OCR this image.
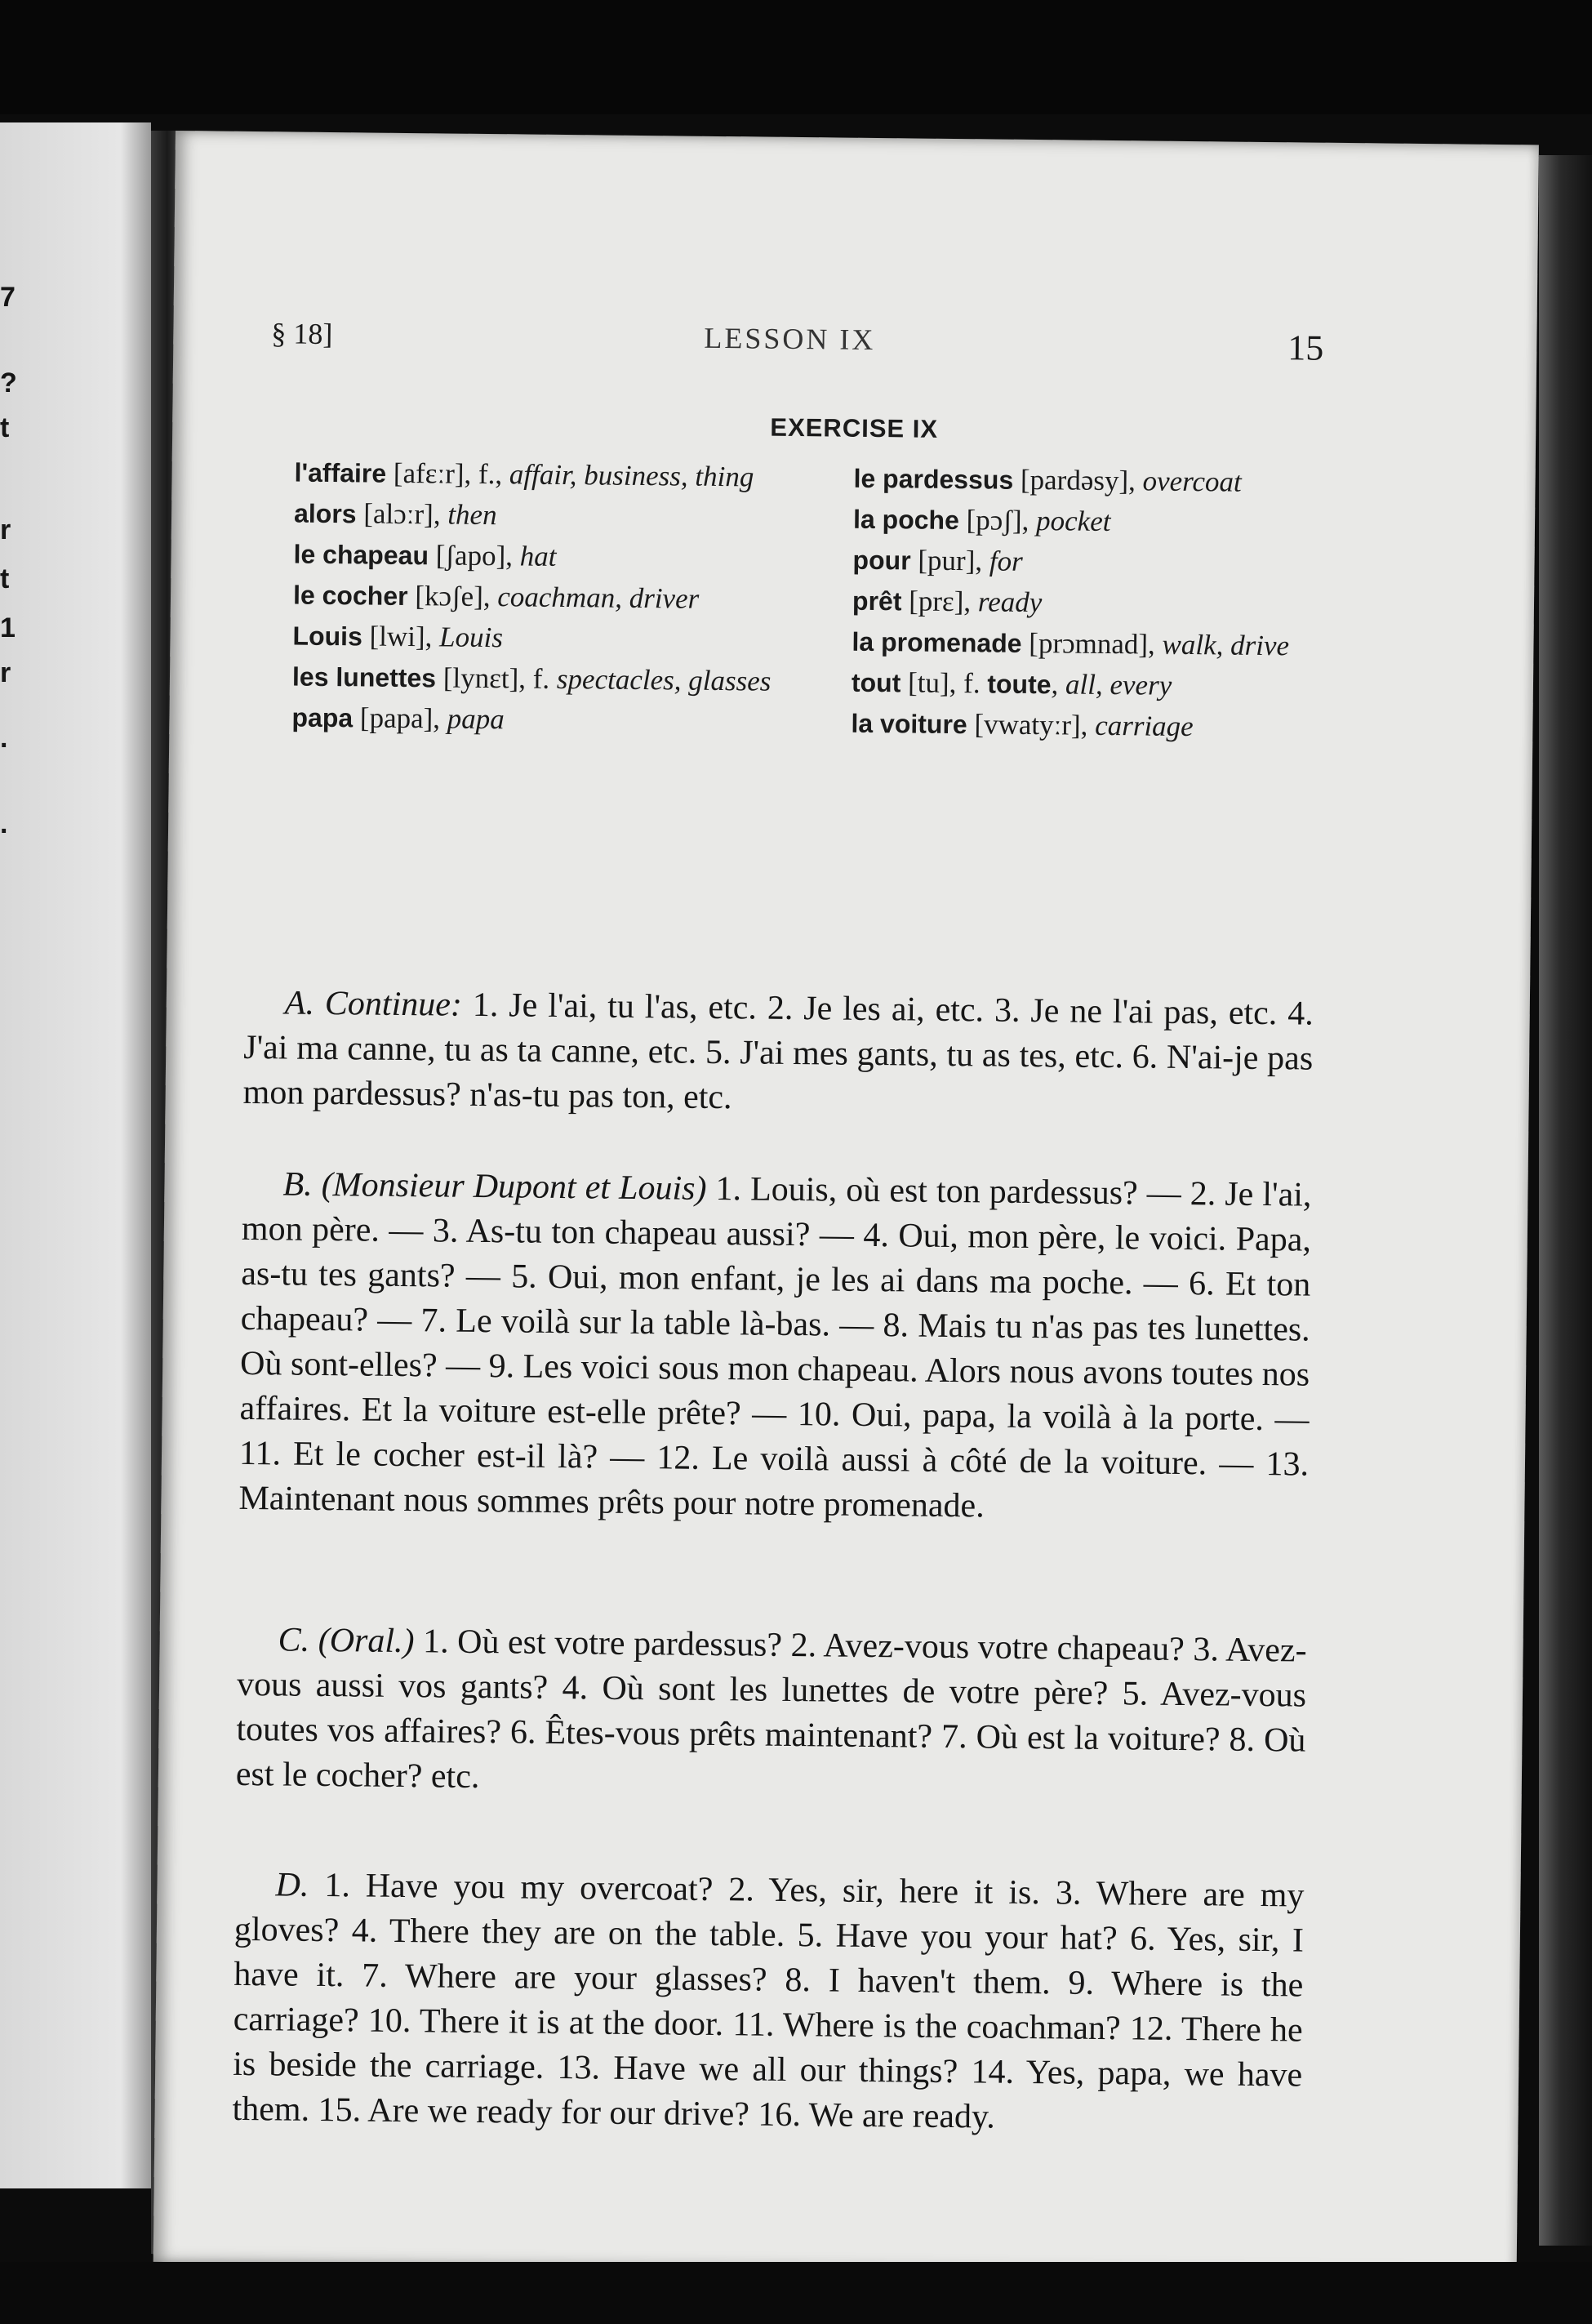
7
?
t
r
t
1
r
.
.
§ 18]	LESSON IX	15
EXERCISE IX

l'affaire [afɛːr], f., affair, business, thing

alors [alɔːr], then

le chapeau [ʃapo], hat

le cocher [kɔʃe], coachman, driver

Louis [lwi], Louis

les lunettes [lynɛt], f. spectacles, glasses

papa [papa], papa

le pardessus [pardəsy], overcoat

la poche [pɔʃ], pocket

pour [pur], for

prêt [prɛ], ready

la promenade [prɔmnad], walk, drive

tout [tu], f. toute, all, every

la voiture [vwatyːr], carriage

A. Continue: 1. Je l'ai, tu l'as, etc. 2. Je les ai, etc. 3. Je ne l'ai pas, etc. 4. J'ai ma canne, tu as ta canne, etc. 5. J'ai mes gants, tu as tes, etc. 6. N'ai-je pas mon pardessus? n'as-tu pas ton, etc.

B. (Monsieur Dupont et Louis) 1. Louis, où est ton pardessus? — 2. Je l'ai, mon père. — 3. As-tu ton chapeau aussi? — 4. Oui, mon père, le voici. Papa, as-tu tes gants? — 5. Oui, mon enfant, je les ai dans ma poche. — 6. Et ton chapeau? — 7. Le voilà sur la table là-bas. — 8. Mais tu n'as pas tes lunettes. Où sont-elles? — 9. Les voici sous mon chapeau. Alors nous avons toutes nos affaires. Et la voiture est-elle prête? — 10. Oui, papa, la voilà à la porte. — 11. Et le cocher est-il là? — 12. Le voilà aussi à côté de la voiture. — 13. Maintenant nous sommes prêts pour notre promenade.

C. (Oral.) 1. Où est votre pardessus? 2. Avez-vous votre chapeau? 3. Avez-vous aussi vos gants? 4. Où sont les lunettes de votre père? 5. Avez-vous toutes vos affaires? 6. Êtes-vous prêts maintenant? 7. Où est la voiture? 8. Où est le cocher? etc.

D. 1. Have you my overcoat? 2. Yes, sir, here it is. 3. Where are my gloves? 4. There they are on the table. 5. Have you your hat? 6. Yes, sir, I have it. 7. Where are your glasses? 8. I haven't them. 9. Where is the carriage? 10. There it is at the door. 11. Where is the coachman? 12. There he is beside the carriage. 13. Have we all our things? 14. Yes, papa, we have them. 15. Are we ready for our drive? 16. We are ready.
